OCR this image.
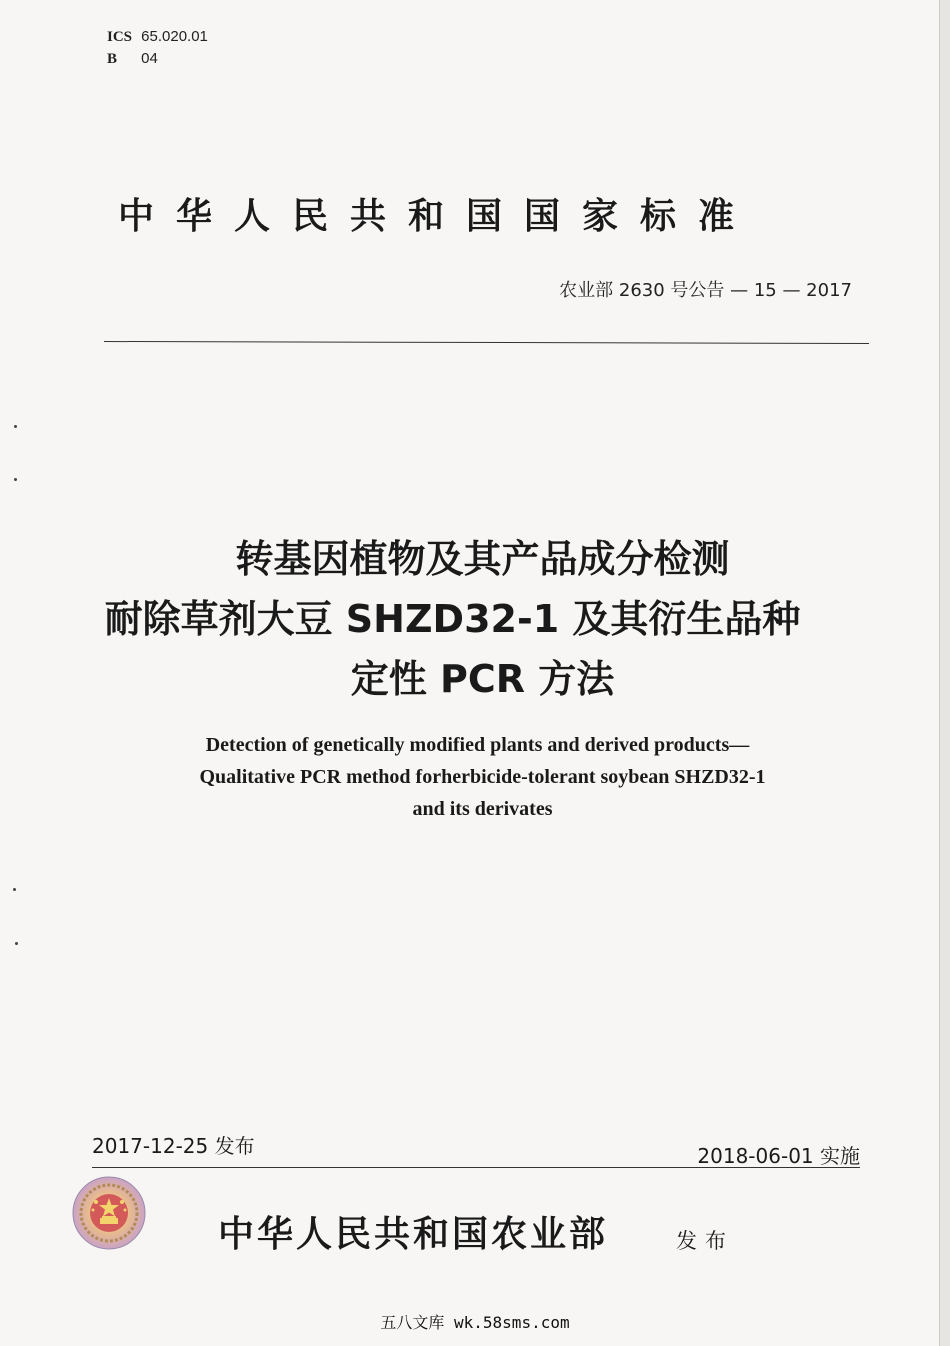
ICS 65.020.01
B 04
中华人民共和国国家标准
农业部 2630 号公告 — 15 — 2017
转基因植物及其产品成分检测
耐除草剂大豆 SHZD32-1 及其衍生品种
定性 PCR 方法
Detection of genetically modified plants and derived products—
Qualitative PCR method forherbicide-tolerant soybean SHZD32-1
and its derivates
2017-12-25 发布	2018-06-01 实施
中华人民共和国农业部	发布
五八文库 wk.58sms.com
